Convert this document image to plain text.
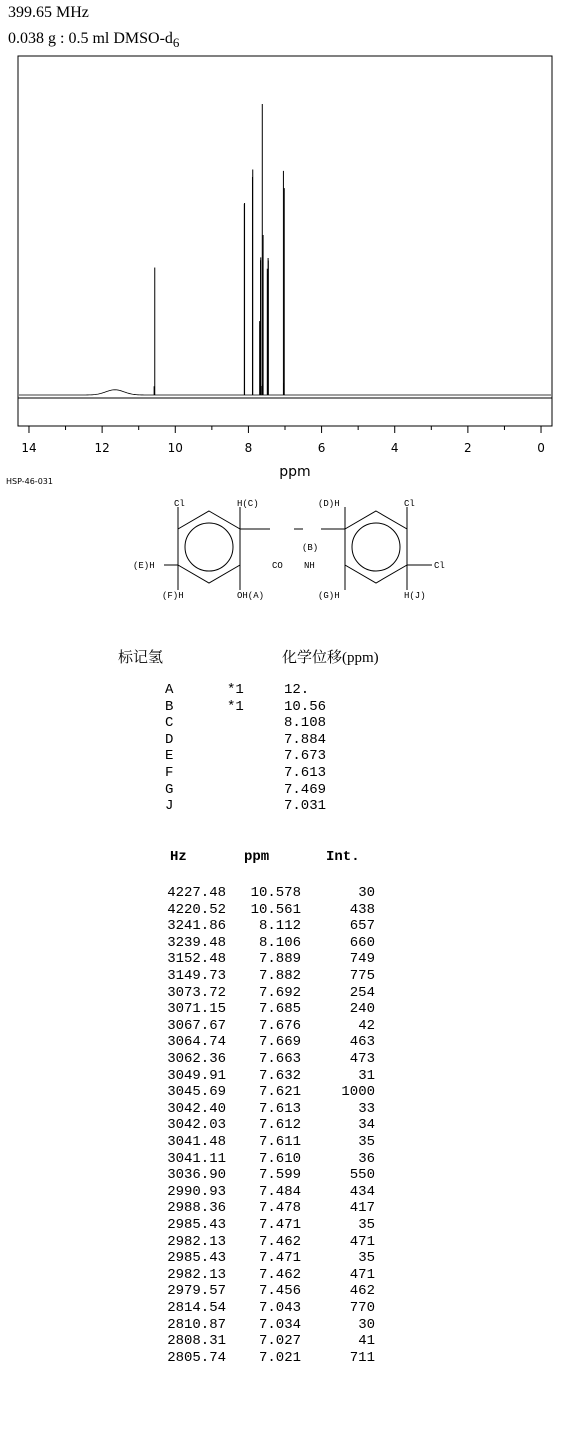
399.65 MHz
0.038 g : 0.5 ml DMSO-$d_6$
14	12	10	8	6	4	2	0
ppm
HSP-46-031
Cl	H(C)
(E)H	CO NH
(B)
(F)H	OH(A)
(D)H	Cl
Cl
(G)H	H(J)
标记氢	化学位移(ppm)
A	*1	12.
B	*1	10.56
C	8.108
D	7.884
E	7.673
F	7.613
G	7.469
J	7.031
Hz	ppm	Int.
4227.48	10.578	30
4220.52	10.561	438
3241.86	8.112	657
3239.48	8.106	660
3152.48	7.889	749
3149.73	7.882	775
3073.72	7.692	254
3071.15	7.685	240
3067.67	7.676	42
3064.74	7.669	463
3062.36	7.663	473
3049.91	7.632	31
3045.69	7.621	1000
3042.40	7.613	33
3042.03	7.612	34
3041.48	7.611	35
3041.11	7.610	36
3036.90	7.599	550
2990.93	7.484	434
2988.36	7.478	417
2985.43	7.471	35
2982.13	7.462	471
2985.43	7.471	35
2982.13	7.462	471
2979.57	7.456	462
2814.54	7.043	770
2810.87	7.034	30
2808.31	7.027	41
2805.74	7.021	711
